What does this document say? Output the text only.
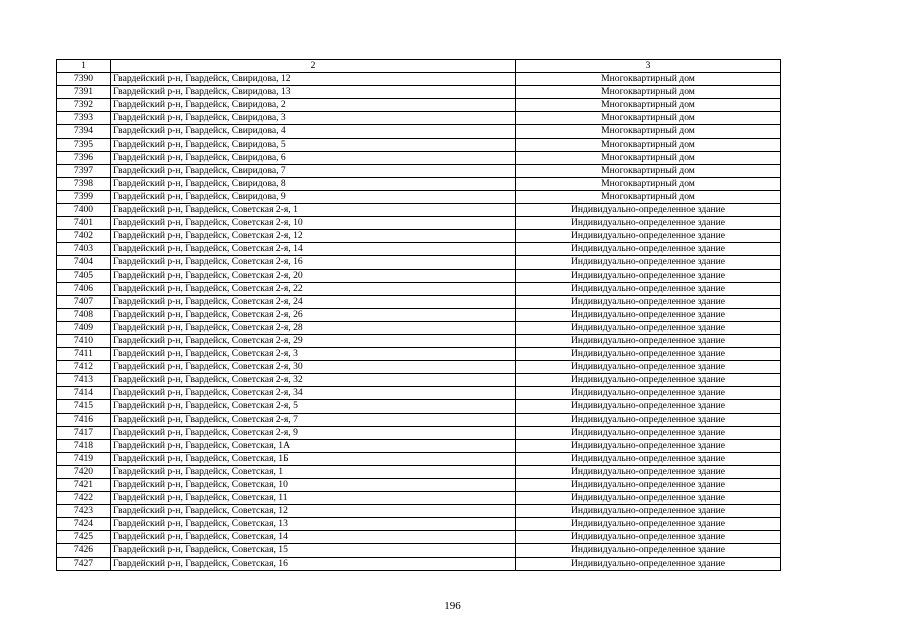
1	2	3
7390	Гвардейский р-н, Гвардейск, Свиридова, 12	Многоквартирный дом
7391	Гвардейский р-н, Гвардейск, Свиридова, 13	Многоквартирный дом
7392	Гвардейский р-н, Гвардейск, Свиридова, 2	Многоквартирный дом
7393	Гвардейский р-н, Гвардейск, Свиридова, 3	Многоквартирный дом
7394	Гвардейский р-н, Гвардейск, Свиридова, 4	Многоквартирный дом
7395	Гвардейский р-н, Гвардейск, Свиридова, 5	Многоквартирный дом
7396	Гвардейский р-н, Гвардейск, Свиридова, 6	Многоквартирный дом
7397	Гвардейский р-н, Гвардейск, Свиридова, 7	Многоквартирный дом
7398	Гвардейский р-н, Гвардейск, Свиридова, 8	Многоквартирный дом
7399	Гвардейский р-н, Гвардейск, Свиридова, 9	Многоквартирный дом
7400	Гвардейский р-н, Гвардейск, Советская 2-я, 1	Индивидуально-определенное здание
7401	Гвардейский р-н, Гвардейск, Советская 2-я, 10	Индивидуально-определенное здание
7402	Гвардейский р-н, Гвардейск, Советская 2-я, 12	Индивидуально-определенное здание
7403	Гвардейский р-н, Гвардейск, Советская 2-я, 14	Индивидуально-определенное здание
7404	Гвардейский р-н, Гвардейск, Советская 2-я, 16	Индивидуально-определенное здание
7405	Гвардейский р-н, Гвардейск, Советская 2-я, 20	Индивидуально-определенное здание
7406	Гвардейский р-н, Гвардейск, Советская 2-я, 22	Индивидуально-определенное здание
7407	Гвардейский р-н, Гвардейск, Советская 2-я, 24	Индивидуально-определенное здание
7408	Гвардейский р-н, Гвардейск, Советская 2-я, 26	Индивидуально-определенное здание
7409	Гвардейский р-н, Гвардейск, Советская 2-я, 28	Индивидуально-определенное здание
7410	Гвардейский р-н, Гвардейск, Советская 2-я, 29	Индивидуально-определенное здание
7411	Гвардейский р-н, Гвардейск, Советская 2-я, 3	Индивидуально-определенное здание
7412	Гвардейский р-н, Гвардейск, Советская 2-я, 30	Индивидуально-определенное здание
7413	Гвардейский р-н, Гвардейск, Советская 2-я, 32	Индивидуально-определенное здание
7414	Гвардейский р-н, Гвардейск, Советская 2-я, 34	Индивидуально-определенное здание
7415	Гвардейский р-н, Гвардейск, Советская 2-я, 5	Индивидуально-определенное здание
7416	Гвардейский р-н, Гвардейск, Советская 2-я, 7	Индивидуально-определенное здание
7417	Гвардейский р-н, Гвардейск, Советская 2-я, 9	Индивидуально-определенное здание
7418	Гвардейский р-н, Гвардейск, Советская, 1А	Индивидуально-определенное здание
7419	Гвардейский р-н, Гвардейск, Советская, 1Б	Индивидуально-определенное здание
7420	Гвардейский р-н, Гвардейск, Советская, 1	Индивидуально-определенное здание
7421	Гвардейский р-н, Гвардейск, Советская, 10	Индивидуально-определенное здание
7422	Гвардейский р-н, Гвардейск, Советская, 11	Индивидуально-определенное здание
7423	Гвардейский р-н, Гвардейск, Советская, 12	Индивидуально-определенное здание
7424	Гвардейский р-н, Гвардейск, Советская, 13	Индивидуально-определенное здание
7425	Гвардейский р-н, Гвардейск, Советская, 14	Индивидуально-определенное здание
7426	Гвардейский р-н, Гвардейск, Советская, 15	Индивидуально-определенное здание
7427	Гвардейский р-н, Гвардейск, Советская, 16	Индивидуально-определенное здание
196
